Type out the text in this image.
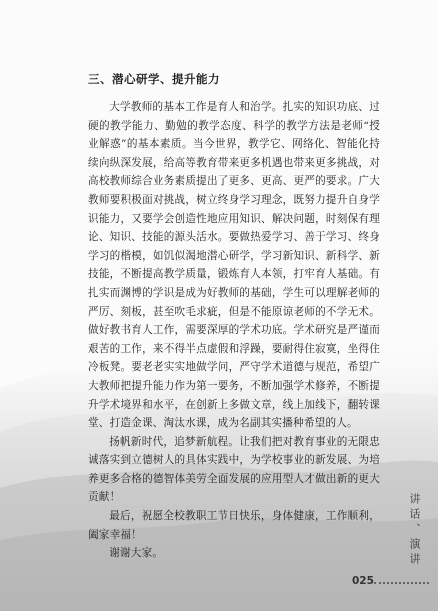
三、潜心研学、提升能力

大学教师的基本工作是育人和治学。扎实的知识功底、过硬的教学能力、勤勉的教学态度、科学的教学方法是老师“授业解惑”的基本素质。当今世界，教学它、网络化、智能化持续向纵深发展，给高等教育带来更多机遇也带来更多挑战，对高校教师综合业务素质提出了更多、更高、更严的要求。广大教师要积极面对挑战，树立终身学习理念，既努力提升自身学识能力，又要学会创造性地应用知识、解决问题，时刻保有理论、知识、技能的源头活水。要做热爱学习、善于学习、终身学习的楷模，如饥似渴地潜心研学，学习新知识、新科学、新技能，不断提高教学质量，锻炼育人本领，打牢育人基础。有扎实而渊博的学识是成为好教师的基础，学生可以理解老师的严厉、刻板，甚至吹毛求疵，但是不能原谅老师的不学无术。做好教书育人工作，需要深厚的学术功底。学术研究是严谨而艰苦的工作，来不得半点虚假和浮躁，要耐得住寂寞，坐得住冷板凳。要老老实实地做学问，严守学术道德与规范，希望广大教师把提升能力作为第一要务，不断加强学术修养，不断提升学术境界和水平，在创新上多做文章，线上加线下，翻转课堂、打造金课、淘汰水课，成为名副其实播种希望的人。

扬帆新时代，追梦新航程。让我们把对教育事业的无限忠诚落实到立德树人的具体实践中，为学校事业的新发展、为培养更多合格的德智体美劳全面发展的应用型人才做出新的更大贡献！

最后，祝愿全校教职工节日快乐，身体健康，工作顺利，阖家幸福！

谢谢大家。	讲话、演讲
025
